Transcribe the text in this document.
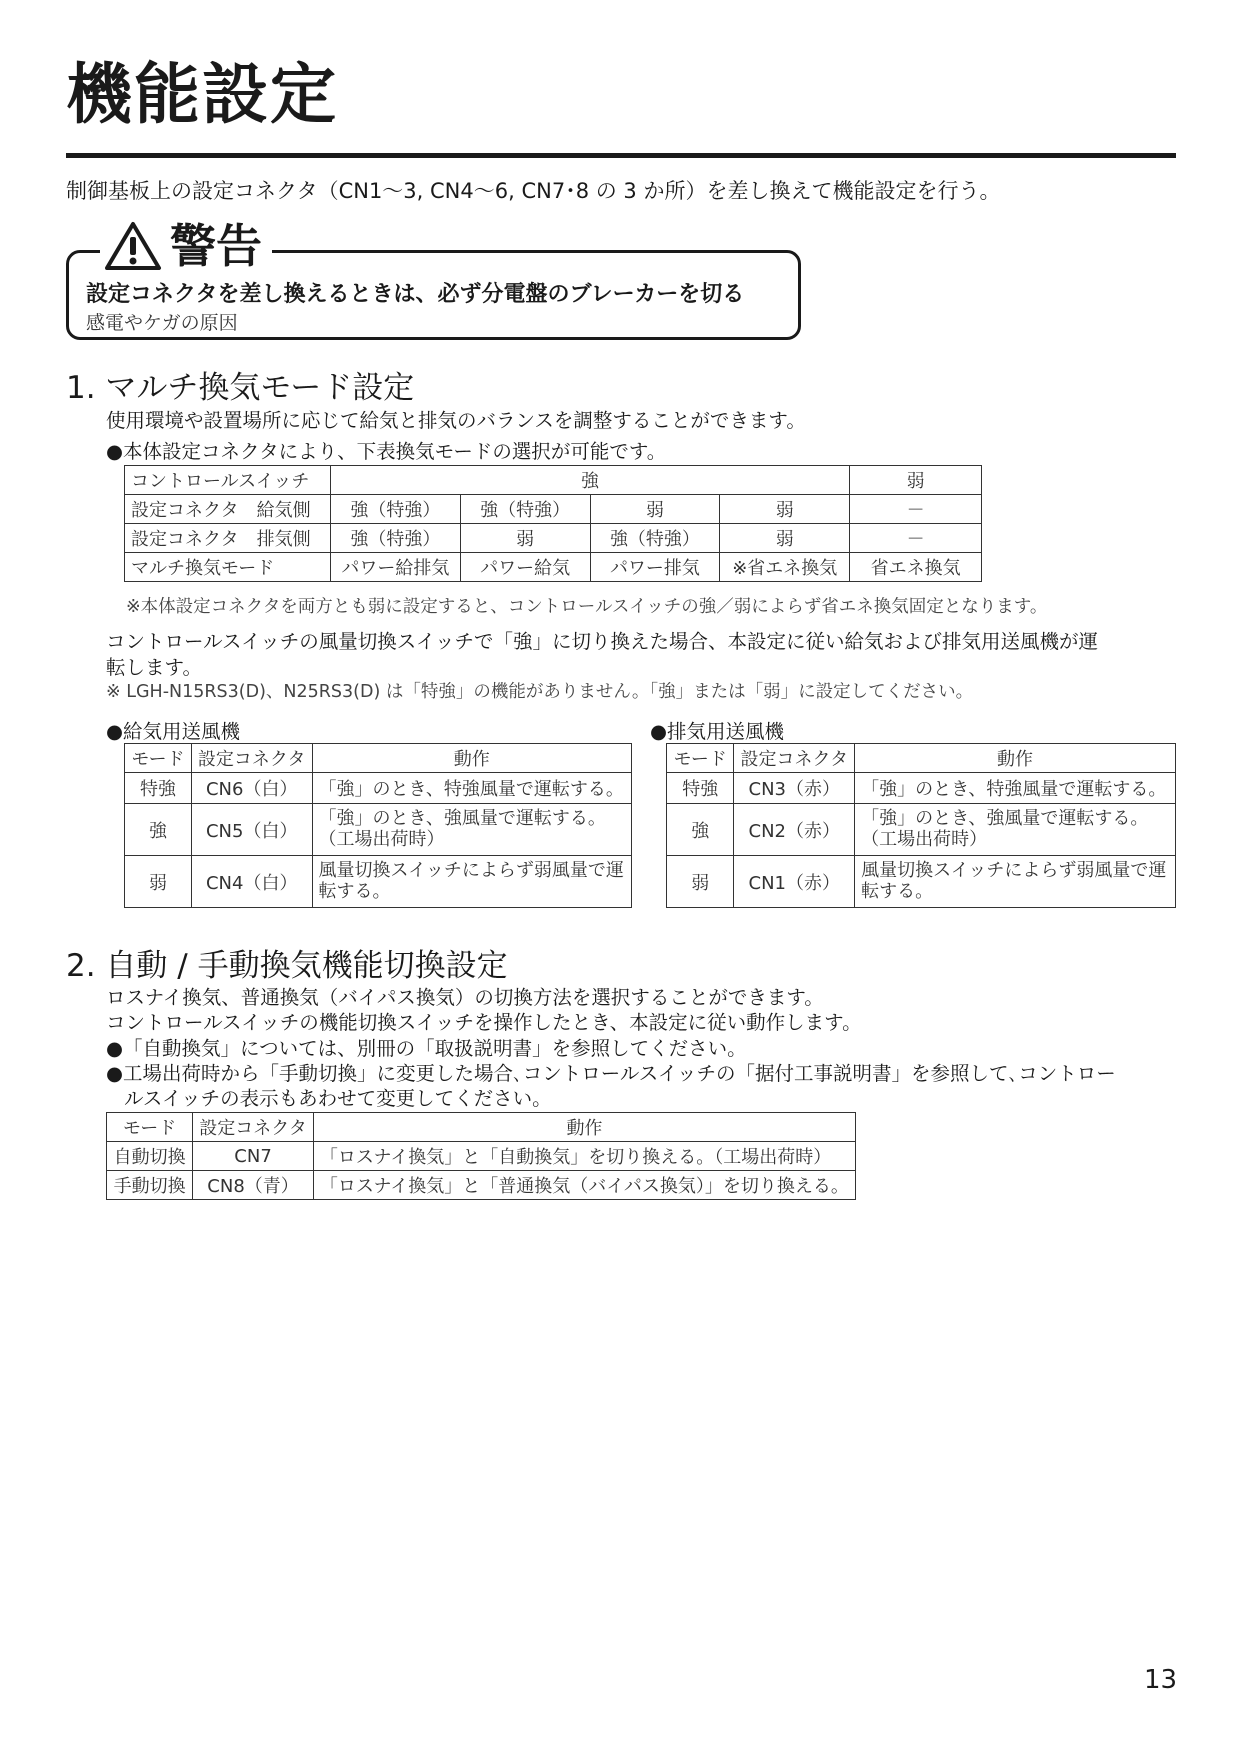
機能設定
制御基板上の設定コネクタ（CN1～3, CN4～6, CN7･8 の 3 か所）を差し換えて機能設定を行う。
警告
設定コネクタを差し換えるときは、必ず分電盤のブレーカーを切る
感電やケガの原因
1. マルチ換気モード設定
使用環境や設置場所に応じて給気と排気のバランスを調整することができます。
●本体設定コネクタにより、下表換気モードの選択が可能です。
コントロールスイッチ	強				弱
設定コネクタ　給気側	強（特強）	強（特強）	弱	弱	－
設定コネクタ　排気側	強（特強）	弱	強（特強）	弱	－
マルチ換気モード	パワー給排気	パワー給気	パワー排気	※省エネ換気	省エネ換気
※本体設定コネクタを両方とも弱に設定すると、コントロールスイッチの強／弱によらず省エネ換気固定となります。
コントロールスイッチの風量切換スイッチで「強」に切り換えた場合、本設定に従い給気および排気用送風機が運
転します。
※ LGH-N15RS3(D)、N25RS3(D) は「特強」の機能がありません。「強」または「弱」に設定してください。
●給気用送風機
モード	設定コネクタ	動作
特強	CN6（白）	「強」のとき、特強風量で運転する。
強	CN5（白）	「強」のとき、強風量で運転する。（工場出荷時）
弱	CN4（白）	風量切換スイッチによらず弱風量で運転する。
●排気用送風機
モード	設定コネクタ	動作
特強	CN3（赤）	「強」のとき、特強風量で運転する。
強	CN2（赤）	「強」のとき、強風量で運転する。（工場出荷時）
弱	CN1（赤）	風量切換スイッチによらず弱風量で運転する。
2. 自動 / 手動換気機能切換設定
ロスナイ換気、普通換気（バイパス換気）の切換方法を選択することができます。
コントロールスイッチの機能切換スイッチを操作したとき、本設定に従い動作します。
●「自動換気」については、別冊の「取扱説明書」を参照してください。
●工場出荷時から「手動切換」に変更した場合､コントロールスイッチの「据付工事説明書」を参照して､コントロー
ルスイッチの表示もあわせて変更してください。
モード	設定コネクタ	動作
自動切換	CN7	「ロスナイ換気」と「自動換気」を切り換える。（工場出荷時）
手動切換	CN8（青）	「ロスナイ換気」と「普通換気（バイパス換気）」を切り換える。
13
